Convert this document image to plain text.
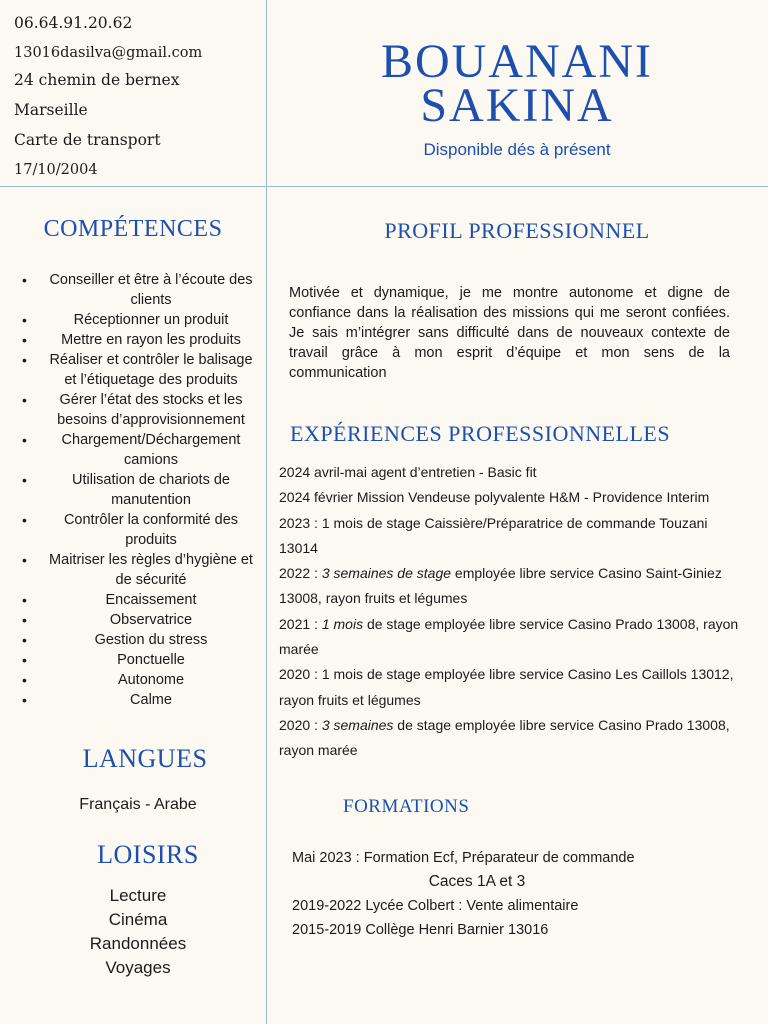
06.64.91.20.62
13016dasilva@gmail.com
24 chemin de bernex
Marseille
Carte de transport
17/10/2004
BOUANANI
SAKINA
Disponible dés à présent
COMPÉTENCES
• Conseiller et être à l’écoute des clients
• Réceptionner un produit
• Mettre en rayon les produits
• Réaliser et contrôler le balisage et l’étiquetage des produits
• Gérer l’état des stocks et les besoins d’approvisionnement
• Chargement/Déchargement camions
• Utilisation de chariots de manutention
• Contrôler la conformité des produits
• Maitriser les règles d’hygiène et de sécurité
• Encaissement
• Observatrice
• Gestion du stress
• Ponctuelle
• Autonome
• Calme
LANGUES
Français - Arabe
LOISIRS
Lecture
Cinéma
Randonnées
Voyages
PROFIL PROFESSIONNEL
Motivée et dynamique, je me montre autonome et digne de confiance dans la réalisation des missions qui me seront confiées. Je sais m’intégrer sans difficulté dans de nouveaux contexte de travail grâce à mon esprit d’équipe et mon sens de la communication
EXPÉRIENCES PROFESSIONNELLES
2024 avril-mai agent d’entretien - Basic fit
2024 février Mission Vendeuse polyvalente H&M - Providence Interim
2023 : 1 mois de stage Caissière/Préparatrice de commande Touzani 13014
2022 : 3 semaines de stage employée libre service Casino Saint-Giniez 13008, rayon fruits et légumes
2021 : 1 mois de stage employée libre service Casino Prado 13008, rayon marée
2020 : 1 mois de stage employée libre service Casino Les Caillols 13012, rayon fruits et légumes
2020 : 3 semaines de stage employée libre service Casino Prado 13008, rayon marée
FORMATIONS
Mai 2023 : Formation Ecf, Préparateur de commande
Caces 1A et 3
2019-2022 Lycée Colbert : Vente alimentaire
2015-2019 Collège Henri Barnier 13016
